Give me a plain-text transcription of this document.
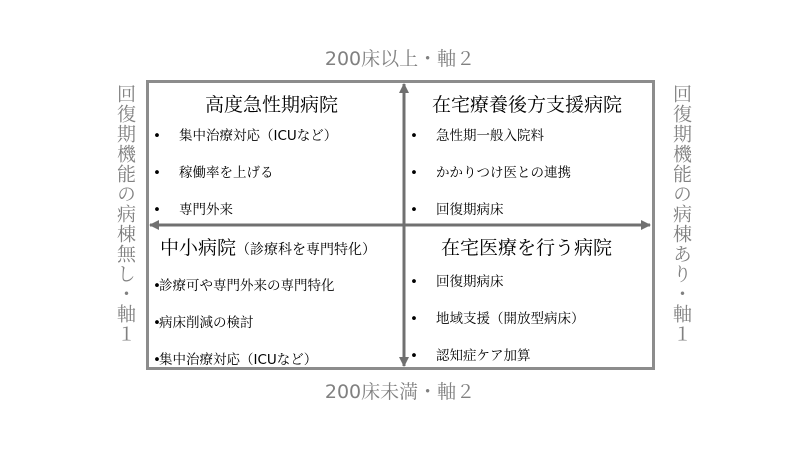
200床以上・軸２
200床未満・軸２
回復期機能の病棟無し・軸１	回復期機能の病棟あり・軸１
高度急性期病院
• 集中治療対応（ICUなど）
• 稼働率を上げる
• 専門外来
在宅療養後方支援病院
• 急性期一般入院料
• かかりつけ医との連携
• 回復期病床
中小病院（診療科を専門特化）
•診療可や専門外来の専門特化
•病床削減の検討
•集中治療対応（ICUなど）
在宅医療を行う病院
• 回復期病床
• 地域支援（開放型病床）
• 認知症ケア加算
